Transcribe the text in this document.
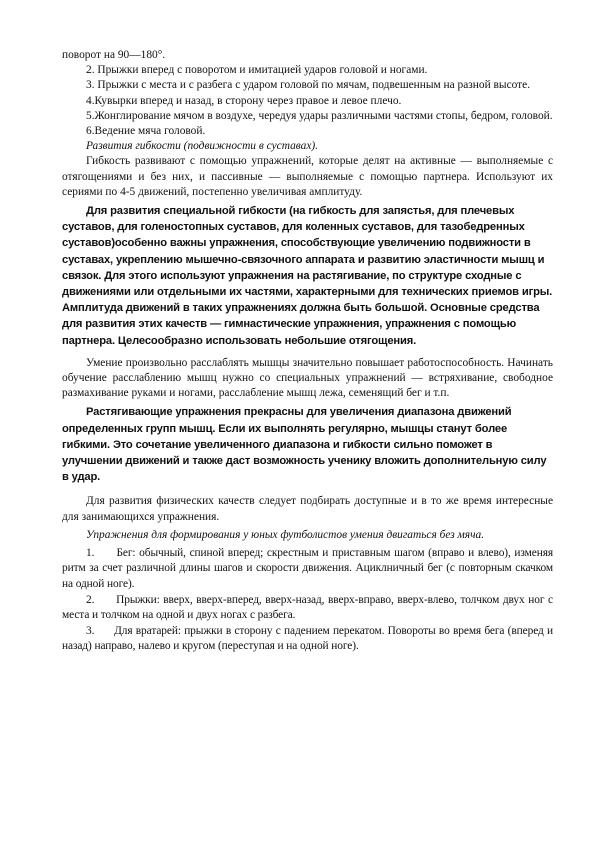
поворот на 90—180°.

2. Прыжки вперед с поворотом и имитацией ударов головой и ногами.

3. Прыжки с места и с разбега с ударом головой по мячам, подвешенным на разной высоте.

4.Кувырки вперед и назад, в сторону через правое и левое плечо.

5.Жонглирование мячом в воздухе, чередуя удары различными частями стопы, бедром, головой.

6.Ведение мяча головой.

Развития гибкости (подвижности в суставах).

Гибкость развивают с помощью упражнений, которые делят на активные — выполняемые с отягощениями и без них, и пассивные — выполняемые с помощью партнера. Используют их сериями по 4-5 движений, постепенно увеличивая амплитуду.

Для развития специальной гибкости (на гибкость для запястья, для плечевых суставов, для голеностопных суставов, для коленных суставов, для тазобедренных суставов)особенно важны упражнения, способствующие увеличению подвижности в суставах, укреплению мышечно-связочного аппарата и развитию эластичности мышц и связок. Для этого используют упражнения на растягивание, по структуре сходные с движениями или отдельными их частями, характерными для технических приемов игры. Амплитуда движений в таких упражнениях должна быть большой. Основные средства для развития этих качеств — гимнастические упражнения, упражнения с помощью партнера. Целесообразно использовать небольшие отягощения.

Умение произвольно расслаблять мышцы значительно повышает работоспособность. Начинать обучение расслаблению мышц нужно со специальных упражнений — встряхивание, свободное размахивание руками и ногами, расслабление мышц лежа, семенящий бег и т.п.

Растягивающие упражнения прекрасны для увеличения диапазона движений определенных групп мышц. Если их выполнять регулярно, мышцы станут более гибкими. Это сочетание увеличенного диапазона и гибкости сильно поможет в улучшении движений и также даст возможность ученику вложить дополнительную силу в удар.

Для развития физических качеств следует подбирать доступные и в то же время интересные для занимающихся упражнения.

Упражнения для формирования у юных футболистов умения двигаться без мяча.

1. Бег: обычный, спиной вперед; скрестным и приставным шагом (вправо и влево), изменяя ритм за счет различной длины шагов и скорости движения. Ациклничный бег (с повторным скачком на одной ноге).
2. Прыжки: вверх, вверх-вперед, вверх-назад, вверх-вправо, вверх-влево, толчком двух ног с места и толчком на одной и двух ногах с разбега.
3. Для вратарей: прыжки в сторону с падением перекатом. Повороты во время бега (вперед и назад) направо, налево и кругом (переступая и на одной ноге).
